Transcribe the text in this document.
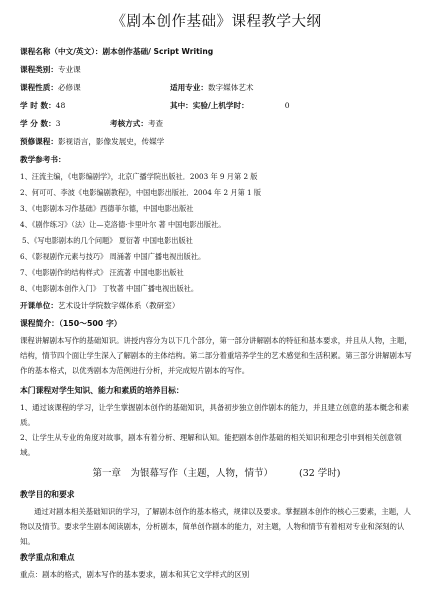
《剧本创作基础》课程教学大纲
课程名称（中文/英文）：剧本创作基础/ Script Writing
课程类别：专业课
课程性质：必修课	适用专业：数字媒体艺术
学 时 数：48	其中：实验/上机学时：	0
学 分 数：3	考核方式：考查
预修课程：影视语言，影像发展史，传媒学
教学参考书：
1、汪流主编，《电影编剧学》，北京广播学院出版社．2003 年 9 月第 2 版
2、何可可、李波《电影编剧教程》，中国电影出版社．2004 年 2 月第 1 版
3、《电影剧本习作基础》西德菲尔德，中国电影出版社
4、《剧作练习》（法）让—克洛德·卡里叶尔 著 中国电影出版社。
5、《写电影剧本的几个问题》 夏衍著 中国电影出版社
6、《影视剧作元素与技巧》 周涌著 中国广播电视出版社。
7、《电影剧作的结构样式》 汪流著 中国电影出版社
8、《电影剧本创作入门》 丁牧著 中国广播电视出版社。
开课单位：艺术设计学院数字媒体系（教研室）
课程简介：（150～500 字）

课程讲解剧本写作的基础知识。讲授内容分为以下几个部分，第一部分讲解剧本的特征和基本要求，并且从人物，主题，结构，情节四个面让学生深入了解剧本的主体结构。第二部分着重培养学生的艺术感觉和生活积累。第三部分讲解剧本写作的基本格式，以优秀剧本为范例进行分析，并完成短片剧本的写作。

本门课程对学生知识、能力和素质的培养目标：

1、通过该课程的学习，让学生掌握剧本创作的基础知识，具备初步独立创作剧本的能力，并且建立创意的基本概念和素质。

2、让学生从专业的角度对故事，剧本有着分析、理解和认知。能把剧本创作基础的相关知识和理念引申到相关创意领域。

第一章　为银幕写作（主题，人物，情节）	(32 学时)
教学目的和要求

通过对剧本相关基础知识的学习，了解剧本创作的基本格式，规律以及要求。掌握剧本创作的核心三要素，主题，人物以及情节。要求学生剧本阅读剧本，分析剧本，简单创作剧本的能力，对主题，人物和情节有着相对专业和深刻的认知。

教学重点和难点

重点：剧本的格式，剧本写作的基本要求，剧本和其它文学样式的区别
